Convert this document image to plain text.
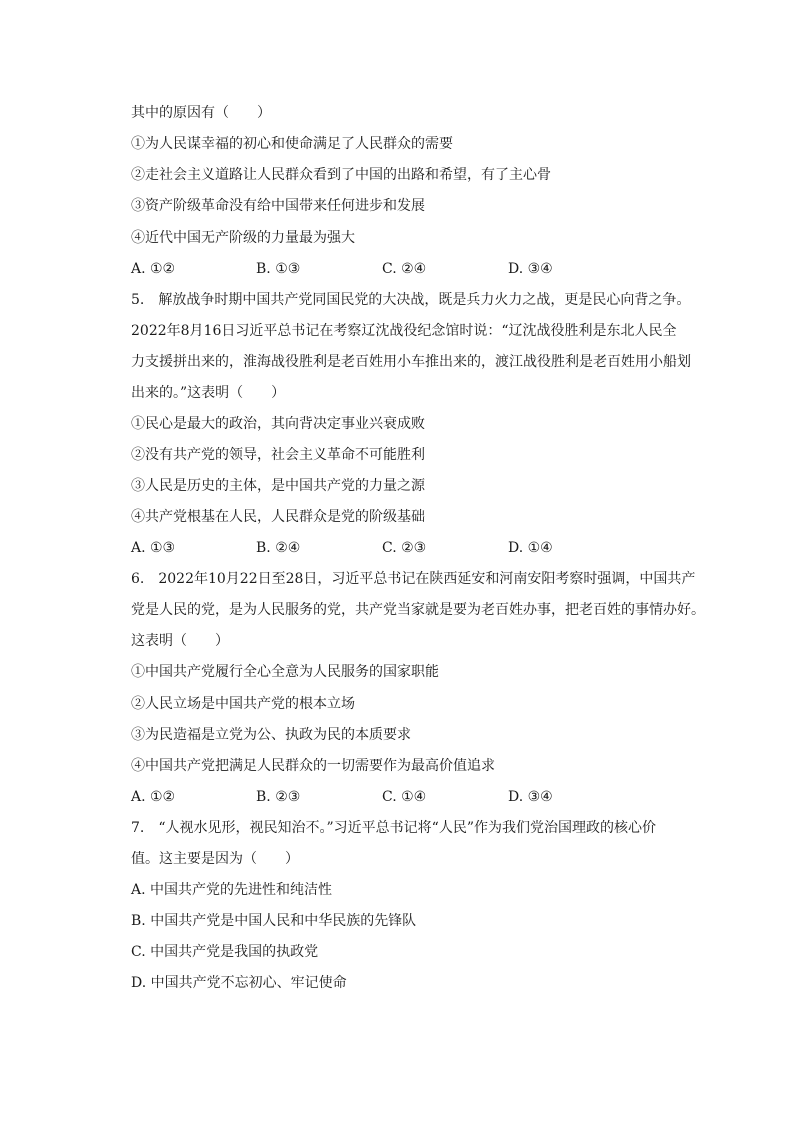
其中的原因有（　　）
①为人民谋幸福的初心和使命满足了人民群众的需要
②走社会主义道路让人民群众看到了中国的出路和希望，有了主心骨
③资产阶级革命没有给中国带来任何进步和发展
④近代中国无产阶级的力量最为强大
A. ①②	B. ①③	C. ②④	D. ③④
5.　解放战争时期中国共产党同国民党的大决战，既是兵力火力之战，更是民心向背之争。
2022年8月16日习近平总书记在考察辽沈战役纪念馆时说：“辽沈战役胜利是东北人民全
力支援拼出来的，淮海战役胜利是老百姓用小车推出来的，渡江战役胜利是老百姓用小船划
出来的。”这表明（　　）
①民心是最大的政治，其向背决定事业兴衰成败
②没有共产党的领导，社会主义革命不可能胜利
③人民是历史的主体，是中国共产党的力量之源
④共产党根基在人民，人民群众是党的阶级基础
A. ①③	B. ②④	C. ②③	D. ①④
6.　2022年10月22日至28日，习近平总书记在陕西延安和河南安阳考察时强调，中国共产
党是人民的党，是为人民服务的党，共产党当家就是要为老百姓办事，把老百姓的事情办好。
这表明（　　）
①中国共产党履行全心全意为人民服务的国家职能
②人民立场是中国共产党的根本立场
③为民造福是立党为公、执政为民的本质要求
④中国共产党把满足人民群众的一切需要作为最高价值追求
A. ①②	B. ②③	C. ①④	D. ③④
7.　“人视水见形，视民知治不。”习近平总书记将“人民”作为我们党治国理政的核心价
值。这主要是因为（　　）
A. 中国共产党的先进性和纯洁性
B. 中国共产党是中国人民和中华民族的先锋队
C. 中国共产党是我国的执政党
D. 中国共产党不忘初心、牢记使命
